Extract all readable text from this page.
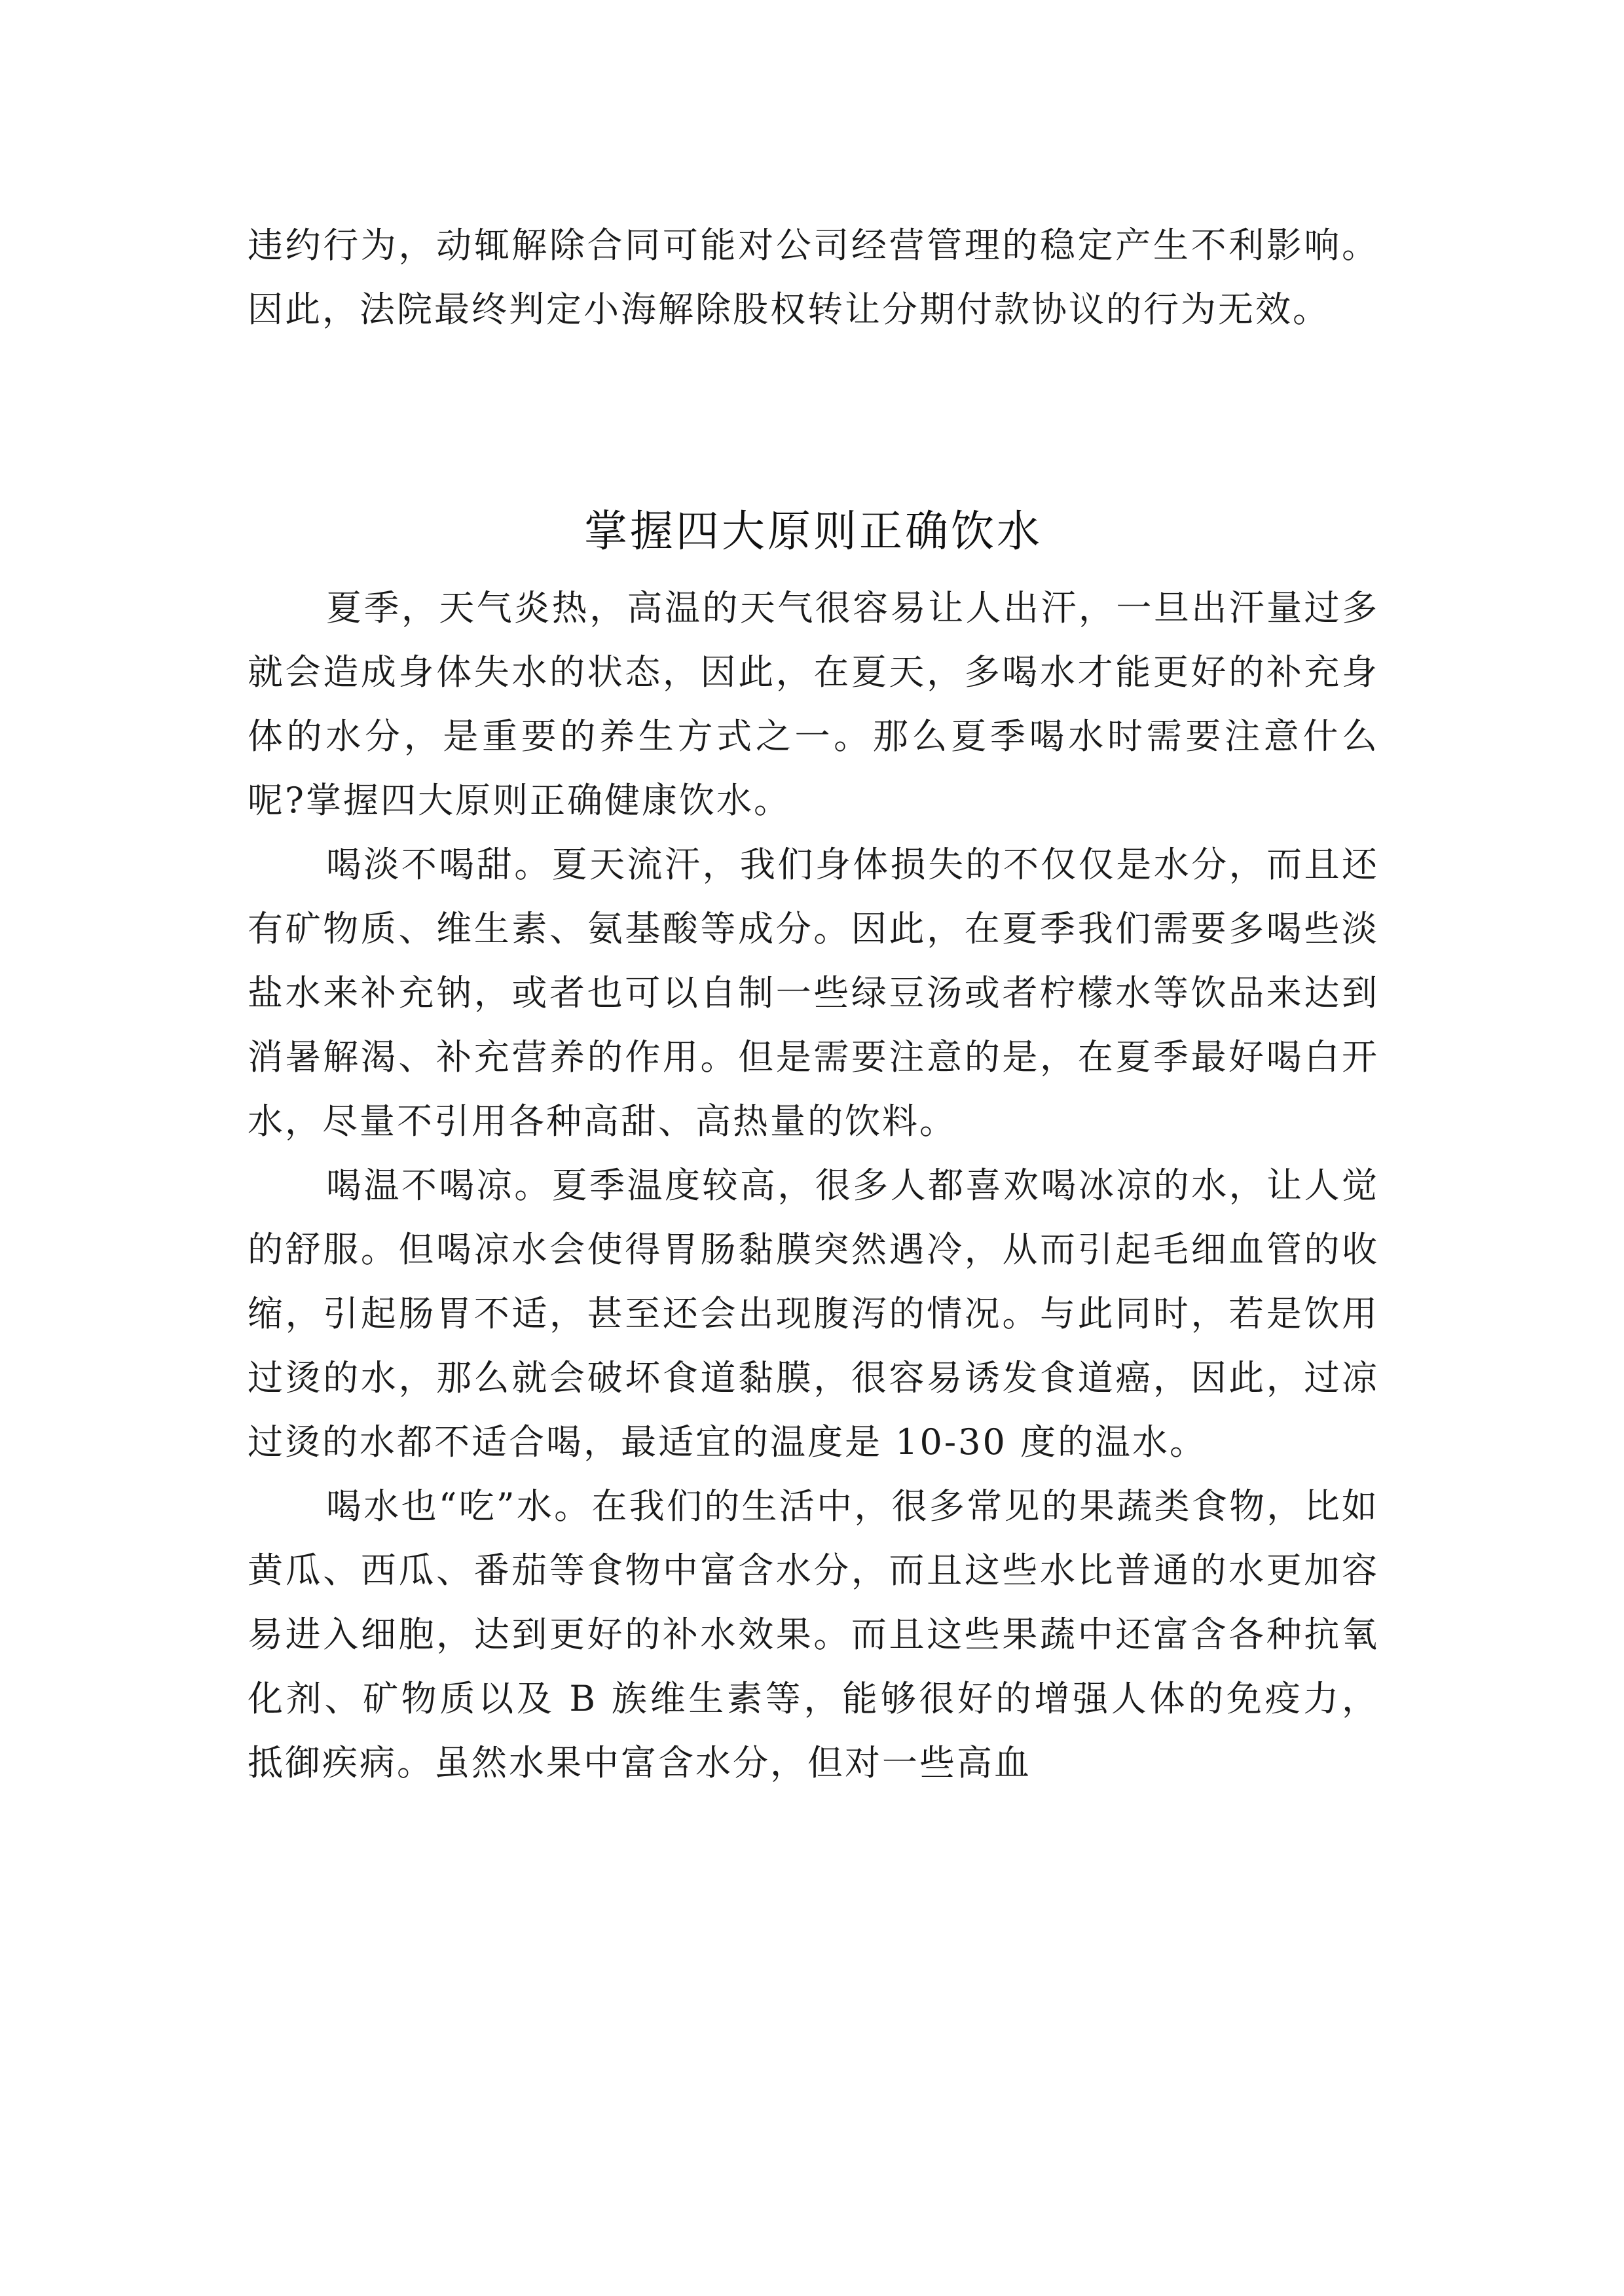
违约行为，动辄解除合同可能对公司经营管理的稳定产生不利影响。因此，法院最终判定小海解除股权转让分期付款协议的行为无效。

掌握四大原则正确饮水

夏季，天气炎热，高温的天气很容易让人出汗，一旦出汗量过多就会造成身体失水的状态，因此，在夏天，多喝水才能更好的补充身体的水分，是重要的养生方式之一。那么夏季喝水时需要注意什么呢?掌握四大原则正确健康饮水。

喝淡不喝甜。夏天流汗，我们身体损失的不仅仅是水分，而且还有矿物质、维生素、氨基酸等成分。因此，在夏季我们需要多喝些淡盐水来补充钠，或者也可以自制一些绿豆汤或者柠檬水等饮品来达到消暑解渴、补充营养的作用。但是需要注意的是，在夏季最好喝白开水，尽量不引用各种高甜、高热量的饮料。

喝温不喝凉。夏季温度较高，很多人都喜欢喝冰凉的水，让人觉的舒服。但喝凉水会使得胃肠黏膜突然遇冷，从而引起毛细血管的收缩，引起肠胃不适，甚至还会出现腹泻的情况。与此同时，若是饮用过烫的水，那么就会破坏食道黏膜，很容易诱发食道癌，因此，过凉过烫的水都不适合喝，最适宜的温度是 10-30 度的温水。

喝水也“吃”水。在我们的生活中，很多常见的果蔬类食物，比如黄瓜、西瓜、番茄等食物中富含水分，而且这些水比普通的水更加容易进入细胞，达到更好的补水效果。而且这些果蔬中还富含各种抗氧化剂、矿物质以及 B 族维生素等，能够很好的增强人体的免疫力，抵御疾病。虽然水果中富含水分，但对一些高血
